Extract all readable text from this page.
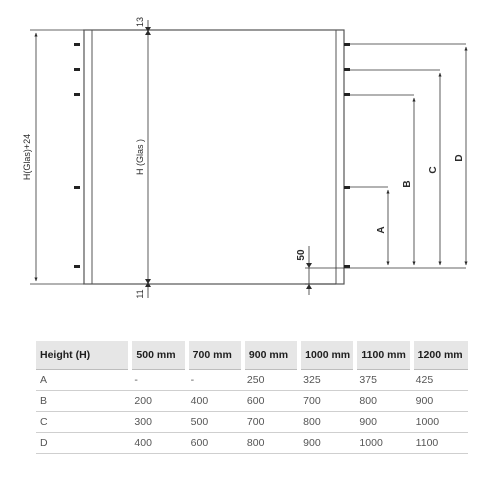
H(Glas)+24	H (Glas )
13
11
A
B
C
D
50
Height (H)	500 mm	700 mm	900 mm	1000 mm	1100 mm	1200 mm
A	-	-	250	325	375	425
B	200	400	600	700	800	900
C	300	500	700	800	900	1000
D	400	600	800	900	1000	1100
